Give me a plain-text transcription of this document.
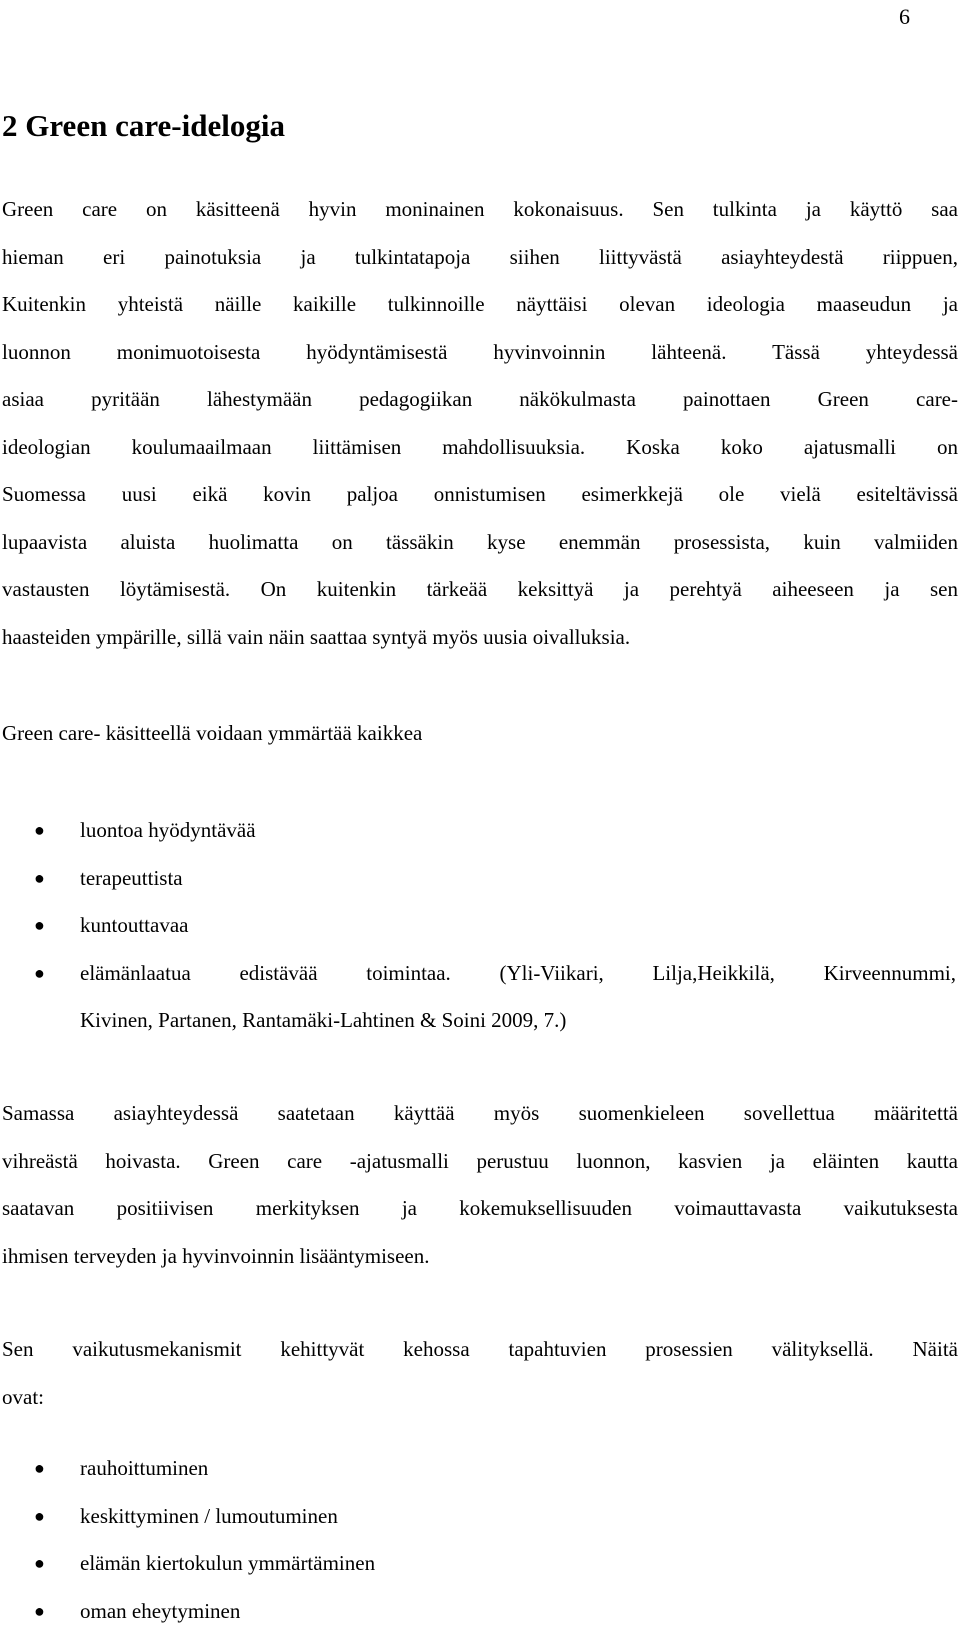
6
2 Green care-idelogia
Green care on käsitteenä hyvin moninainen kokonaisuus. Sen tulkinta ja käyttö saa
hieman eri painotuksia ja tulkintatapoja siihen liittyvästä asiayhteydestä riippuen,
Kuitenkin yhteistä näille kaikille tulkinnoille näyttäisi olevan ideologia maaseudun ja
luonnon monimuotoisesta hyödyntämisestä hyvinvoinnin lähteenä. Tässä yhteydessä
asiaa pyritään lähestymään pedagogiikan näkökulmasta painottaen Green care-
ideologian koulumaailmaan liittämisen mahdollisuuksia. Koska koko ajatusmalli on
Suomessa uusi eikä kovin paljoa onnistumisen esimerkkejä ole vielä esiteltävissä
lupaavista aluista huolimatta on tässäkin kyse enemmän prosessista, kuin valmiiden
vastausten löytämisestä. On kuitenkin tärkeää keksittyä ja perehtyä aiheeseen ja sen
haasteiden ympärille, sillä vain näin saattaa syntyä myös uusia oivalluksia.
Green care- käsitteellä voidaan ymmärtää kaikkea
● luontoa hyödyntävää
● terapeuttista
● kuntouttavaa
● elämänlaatua edistävää toimintaa. (Yli-Viikari, Lilja,Heikkilä, Kirveennummi,
Kivinen, Partanen, Rantamäki-Lahtinen & Soini 2009, 7.)
Samassa asiayhteydessä saatetaan käyttää myös suomenkieleen sovellettua määritettä
vihreästä hoivasta. Green care -ajatusmalli perustuu luonnon, kasvien ja eläinten kautta
saatavan positiivisen merkityksen ja kokemuksellisuuden voimauttavasta vaikutuksesta
ihmisen terveyden ja hyvinvoinnin lisääntymiseen.
Sen vaikutusmekanismit kehittyvät kehossa tapahtuvien prosessien välityksellä. Näitä
ovat:
● rauhoittuminen
● keskittyminen / lumoutuminen
● elämän kiertokulun ymmärtäminen
● oman eheytyminen
